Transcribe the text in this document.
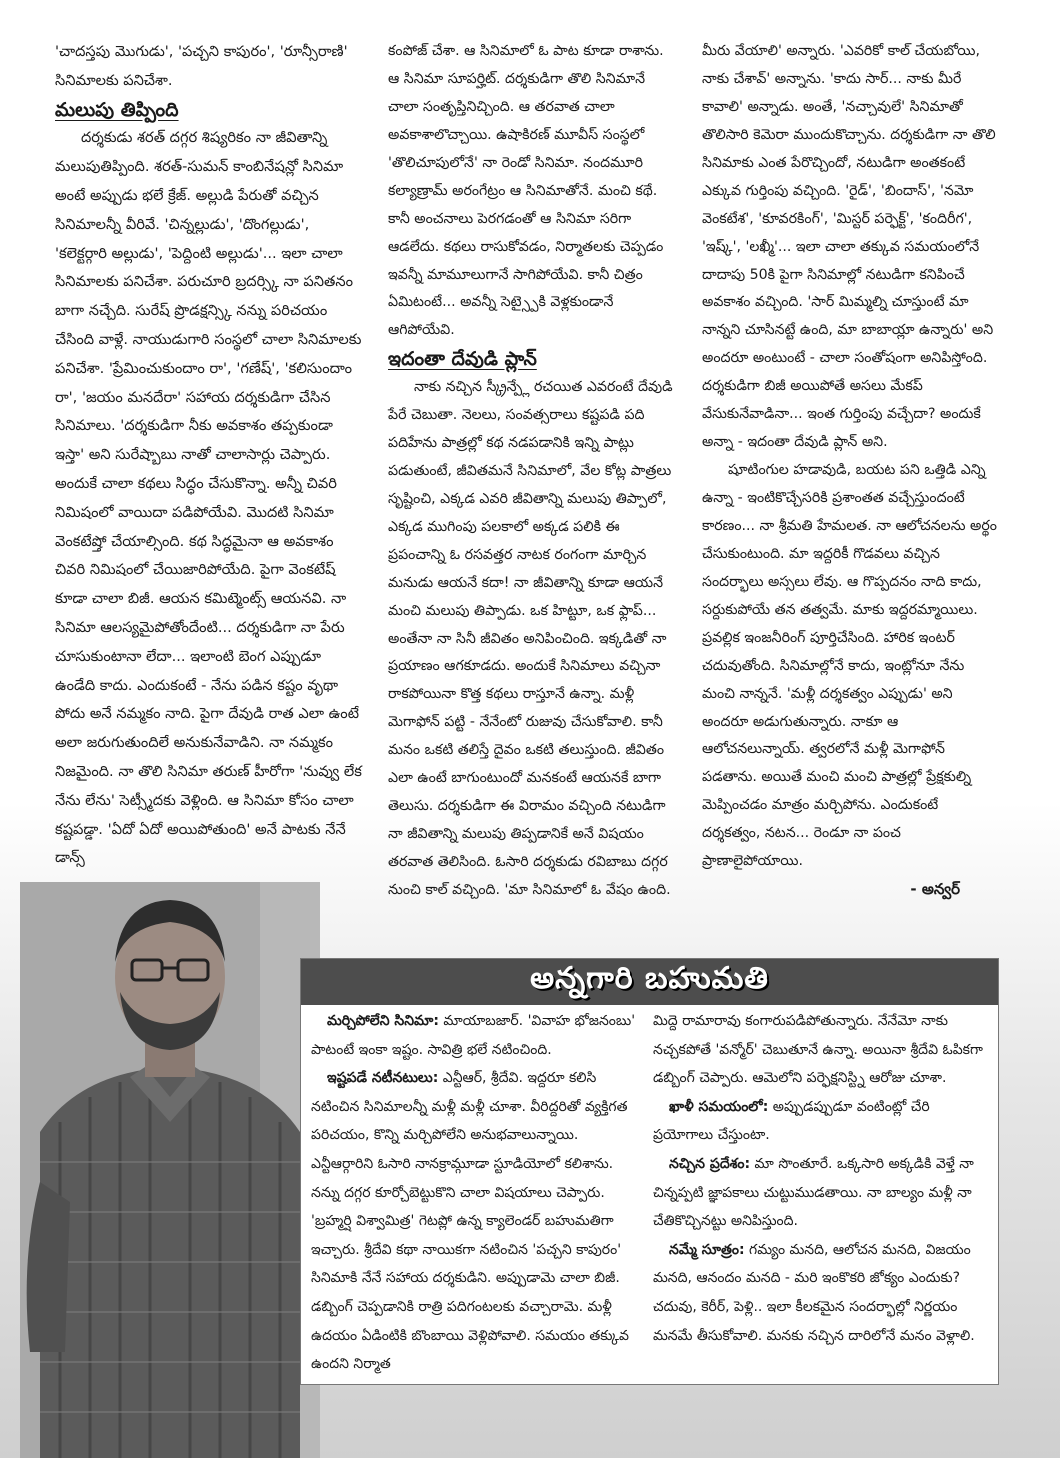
'చాదస్తపు మొగుడు', 'పచ్చని కాపురం', 'రూన్సీరాణి' సినిమాలకు పనిచేశా.

మలుపు తిప్పింది

దర్శకుడు శరత్ దగ్గర శిష్యరికం నా జీవితాన్ని మలుపుతిప్పింది. శరత్-సుమన్ కాంబినేషన్లో సినిమా అంటే అప్పుడు భలే క్రేజ్. అల్లుడి పేరుతో వచ్చిన సినిమాలన్నీ వీరివే. 'చిన్నల్లుడు', 'దొంగల్లుడు', 'కలెక్టర్గారి అల్లుడు', 'పెద్దింటి అల్లుడు'... ఇలా చాలా సినిమాలకు పనిచేశా. పరుచూరి బ్రదర్స్కి నా పనితనం బాగా నచ్చేది. సురేష్ ప్రొడక్షన్స్కి నన్ను పరిచయం చేసింది వాళ్లే. నాయుడుగారి సంస్థలో చాలా సినిమాలకు పనిచేశా. 'ప్రేమించుకుందాం రా', 'గణేష్', 'కలిసుందాం రా', 'జయం మనదేరా' సహాయ దర్శకుడిగా చేసిన సినిమాలు. 'దర్శకుడిగా నీకు అవకాశం తప్పకుండా ఇస్తా' అని సురేష్బాబు నాతో చాలాసార్లు చెప్పారు. అందుకే చాలా కథలు సిద్ధం చేసుకొన్నా. అన్నీ చివరి నిమిషంలో వాయిదా పడిపోయేవి. మొదటి సినిమా వెంకటేష్తో చేయాల్సింది. కథ సిద్ధమైనా ఆ అవకాశం చివరి నిమిషంలో చేయిజారిపోయేది. పైగా వెంకటేష్ కూడా చాలా బిజీ. ఆయన కమిట్మెంట్స్ ఆయనవి. నా సినిమా ఆలస్యమైపోతోందేంటి... దర్శకుడిగా నా పేరు చూసుకుంటానా లేదా... ఇలాంటి బెంగ ఎప్పుడూ ఉండేది కాదు. ఎందుకంటే - నేను పడిన కష్టం వృథా పోదు అనే నమ్మకం నాది. పైగా దేవుడి రాత ఎలా ఉంటే అలా జరుగుతుందిలే అనుకునేవాడిని. నా నమ్మకం నిజమైంది. నా తొలి సినిమా తరుణ్ హీరోగా 'నువ్వు లేక నేను లేను' సెట్స్మీదకు వెళ్లింది. ఆ సినిమా కోసం చాలా కష్టపడ్డా. 'ఏదో ఏదో అయిపోతుంది' అనే పాటకు నేనే డాన్స్

కంపోజ్ చేశా. ఆ సినిమాలో ఓ పాట కూడా రాశాను. ఆ సినిమా సూపర్హిట్. దర్శకుడిగా తొలి సినిమానే చాలా సంతృప్తినిచ్చింది. ఆ తరవాత చాలా అవకాశాలొచ్చాయి. ఉషాకిరణ్ మూవీస్ సంస్థలో 'తొలిచూపులోనే' నా రెండో సినిమా. నందమూరి కల్యాణ్రామ్ అరంగేట్రం ఆ సినిమాతోనే. మంచి కథే. కానీ అంచనాలు పెరగడంతో ఆ సినిమా సరిగా ఆడలేదు. కథలు రాసుకోవడం, నిర్మాతలకు చెప్పడం ఇవన్నీ మామూలుగానే సాగిపోయేవి. కానీ చిత్రం ఏమిటంటే... అవన్నీ సెట్స్పైకి వెళ్లకుండానే ఆగిపోయేవి.

ఇదంతా దేవుడి ప్లాన్

నాకు నచ్చిన స్క్రీన్ప్లే రచయిత ఎవరంటే దేవుడి పేరే చెబుతా. నెలలు, సంవత్సరాలు కష్టపడి పది పదిహేను పాత్రల్లో కథ నడపడానికి ఇన్ని పాట్లు పడుతుంటే, జీవితమనే సినిమాలో, వేల కోట్ల పాత్రలు సృష్టించి, ఎక్కడ ఎవరి జీవితాన్ని మలుపు తిప్పాలో, ఎక్కడ ముగింపు పలకాలో అక్కడ పలికి ఈ ప్రపంచాన్ని ఓ రసవత్తర నాటక రంగంగా మార్చిన మనుడు ఆయనే కదా! నా జీవితాన్ని కూడా ఆయనే మంచి మలుపు తిప్పాడు. ఒక హిట్టూ, ఒక ఫ్లాప్... అంతేనా నా సినీ జీవితం అనిపించింది. ఇక్కడితో నా ప్రయాణం ఆగకూడదు. అందుకే సినిమాలు వచ్చినా రాకపోయినా కొత్త కథలు రాస్తూనే ఉన్నా. మళ్లీ మెగాఫోన్ పట్టి - నేనేంటో రుజువు చేసుకోవాలి. కానీ మనం ఒకటి తలిస్తే దైవం ఒకటి తలుస్తుంది. జీవితం ఎలా ఉంటే బాగుంటుందో మనకంటే ఆయనకే బాగా తెలుసు. దర్శకుడిగా ఈ విరామం వచ్చింది నటుడిగా నా జీవితాన్ని మలుపు తిప్పడానికే అనే విషయం తరవాత తెలిసింది. ఓసారి దర్శకుడు రవిబాబు దగ్గర నుంచి కాల్ వచ్చింది. 'మా సినిమాలో ఓ వేషం ఉంది.

మీరు వేయాలి' అన్నారు. 'ఎవరికో కాల్ చేయబోయి, నాకు చేశావ్' అన్నాను. 'కాదు సార్... నాకు మీరే కావాలి' అన్నాడు. అంతే, 'నచ్చావులే' సినిమాతో తొలిసారి కెమెరా ముందుకొచ్చాను. దర్శకుడిగా నా తొలి సినిమాకు ఎంత పేరొచ్చిందో, నటుడిగా అంతకంటే ఎక్కువ గుర్తింపు వచ్చింది. 'రైడ్', 'బిందాస్', 'నమో వెంకటేశ', 'కూవరకింగ్', 'మిస్టర్ పర్ఫెక్ట్', 'కందిరీగ', 'ఇష్క్', 'లఖ్మీ'... ఇలా చాలా తక్కువ సమయంలోనే దాదాపు 50కి పైగా సినిమాల్లో నటుడిగా కనిపించే అవకాశం వచ్చింది. 'సార్ మిమ్మల్ని చూస్తుంటే మా నాన్నని చూసినట్టే ఉంది, మా బాబాయ్లా ఉన్నారు' అని అందరూ అంటుంటే - చాలా సంతోషంగా అనిపిస్తోంది. దర్శకుడిగా బిజీ అయిపోతే అసలు మేకప్ వేసుకునేవాడినా... ఇంత గుర్తింపు వచ్చేదా? అందుకే అన్నా - ఇదంతా దేవుడి ప్లాన్ అని.

షూటింగుల హడావుడి, బయట పని ఒత్తిడి ఎన్ని ఉన్నా - ఇంటికొచ్చేసరికి ప్రశాంతత వచ్చేస్తుందంటే కారణం... నా శ్రీమతి హేమలత. నా ఆలోచనలను అర్థం చేసుకుంటుంది. మా ఇద్దరికీ గొడవలు వచ్చిన సందర్భాలు అస్సలు లేవు. ఆ గొప్పదనం నాది కాదు, సర్దుకుపోయే తన తత్వమే. మాకు ఇద్దరమ్మాయిలు. ప్రవల్లిక ఇంజనీరింగ్ పూర్తిచేసింది. హారిక ఇంటర్ చదువుతోంది. సినిమాల్లోనే కాదు, ఇంట్లోనూ నేను మంచి నాన్ననే. 'మళ్లీ దర్శకత్వం ఎప్పుడు' అని అందరూ అడుగుతున్నారు. నాకూ ఆ ఆలోచనలున్నాయ్. త్వరలోనే మళ్లీ మెగాఫోన్ పడతాను. అయితే మంచి మంచి పాత్రల్లో ప్రేక్షకుల్ని మెప్పించడం మాత్రం మర్చిపోను. ఎందుకంటే దర్శకత్వం, నటన... రెండూ నా పంచ ప్రాణాలైపోయాయి.

- అన్వర్

అన్నగారి బహుమతి

మర్చిపోలేని సినిమా: మాయాబజార్. 'వివాహ భోజనంబు' పాటంటే ఇంకా ఇష్టం. సావిత్రి భలే నటించింది.

ఇష్టపడే నటీనటులు: ఎన్టీఆర్, శ్రీదేవి. ఇద్దరూ కలిసి నటించిన సినిమాలన్నీ మళ్లీ మళ్లీ చూశా. వీరిద్దరితో వ్యక్తిగత పరిచయం, కొన్ని మర్చిపోలేని అనుభవాలున్నాయి. ఎన్టీఆర్గారిని ఓసారి నానక్రామ్గూడా స్టూడియోలో కలిశాను. నన్ను దగ్గర కూర్చోబెట్టుకొని చాలా విషయాలు చెప్పారు. 'బ్రహ్మర్షి విశ్వామిత్ర' గెటప్లో ఉన్న క్యాలెండర్ బహుమతిగా ఇచ్చారు. శ్రీదేవి కథా నాయికగా నటించిన 'పచ్చని కాపురం' సినిమాకి నేనే సహాయ దర్శకుడిని. అప్పుడామె చాలా బిజీ. డబ్బింగ్ చెప్పడానికి రాత్రి పదిగంటలకు వచ్చారామె. మళ్లీ ఉదయం ఏడింటికి బొంబాయి వెళ్లిపోవాలి. సమయం తక్కువ ఉందని నిర్మాత

మిద్దె రామారావు కంగారుపడిపోతున్నారు. నేనేమో నాకు నచ్చకపోతే 'వన్మోర్' చెబుతూనే ఉన్నా. అయినా శ్రీదేవి ఓపికగా డబ్బింగ్ చెప్పారు. ఆమెలోని పర్ఫెక్షనిస్ట్ని ఆరోజు చూశా.

ఖాళీ సమయంలో: అప్పుడప్పుడూ వంటింట్లో చేరి ప్రయోగాలు చేస్తుంటా.

నచ్చిన ప్రదేశం: మా సొంతూరే. ఒక్కసారి అక్కడికి వెళ్తే నా చిన్నప్పటి జ్ఞాపకాలు చుట్టుముడతాయి. నా బాల్యం మళ్లీ నా చేతికొచ్చినట్టు అనిపిస్తుంది.

నమ్మే సూత్రం: గమ్యం మనది, ఆలోచన మనది, విజయం మనది, ఆనందం మనది - మరి ఇంకొకరి జోక్యం ఎందుకు? చదువు, కెరీర్, పెళ్లి.. ఇలా కీలకమైన సందర్భాల్లో నిర్ణయం మనమే తీసుకోవాలి. మనకు నచ్చిన దారిలోనే మనం వెళ్లాలి.
